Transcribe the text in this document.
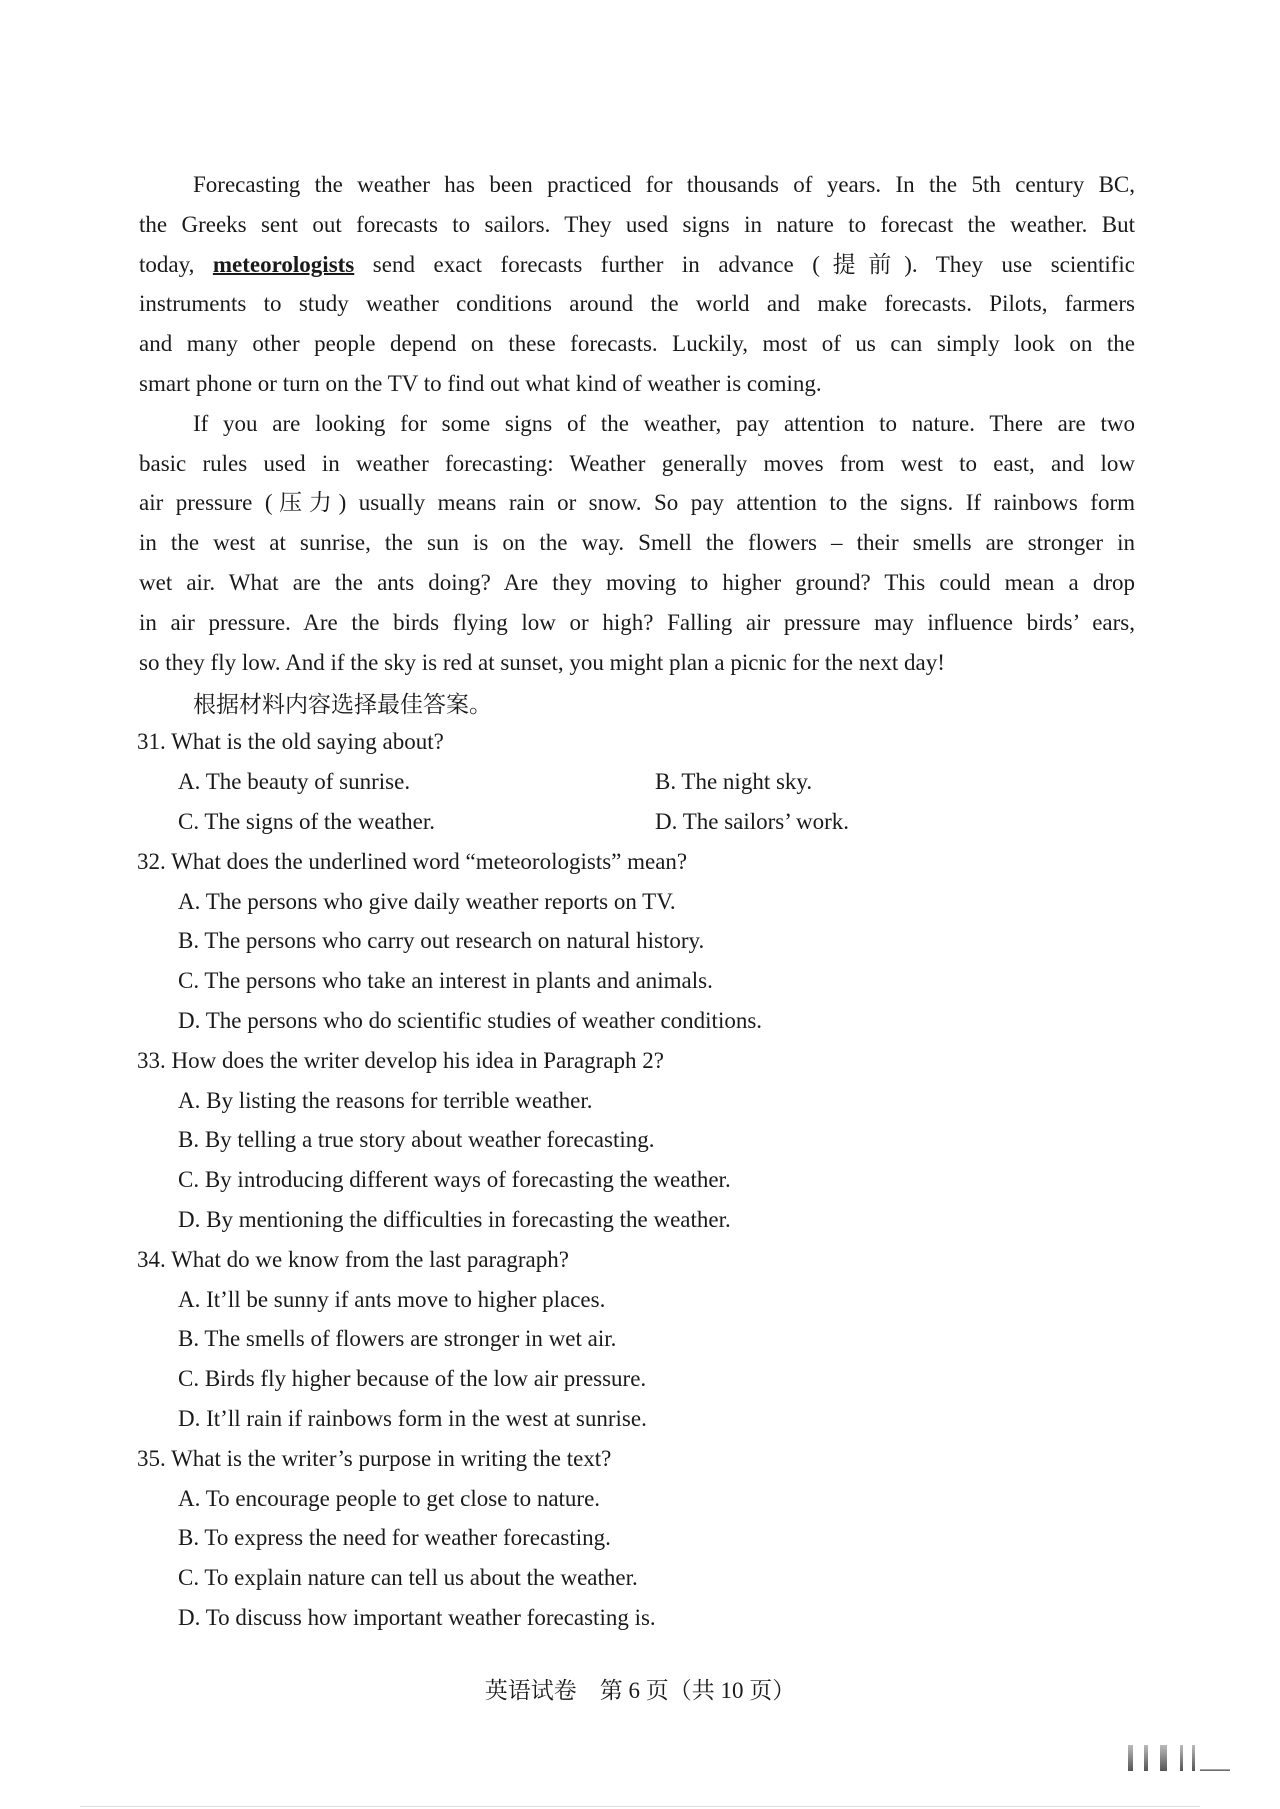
Forecasting the weather has been practiced for thousands of years. In the 5th century BC,
the Greeks sent out forecasts to sailors. They used signs in nature to forecast the weather. But
today, meteorologists send exact forecasts further in advance (提前). They use scientific
instruments to study weather conditions around the world and make forecasts. Pilots, farmers
and many other people depend on these forecasts. Luckily, most of us can simply look on the
smart phone or turn on the TV to find out what kind of weather is coming.
If you are looking for some signs of the weather, pay attention to nature. There are two
basic rules used in weather forecasting: Weather generally moves from west to east, and low
air pressure (压力) usually means rain or snow. So pay attention to the signs. If rainbows form
in the west at sunrise, the sun is on the way. Smell the flowers – their smells are stronger in
wet air. What are the ants doing? Are they moving to higher ground? This could mean a drop
in air pressure. Are the birds flying low or high? Falling air pressure may influence birds’ ears,
so they fly low. And if the sky is red at sunset, you might plan a picnic for the next day!
根据材料内容选择最佳答案。
31. What is the old saying about?
A. The beauty of sunrise.	B. The night sky.
C. The signs of the weather.	D. The sailors’ work.
32. What does the underlined word “meteorologists” mean?
A. The persons who give daily weather reports on TV.
B. The persons who carry out research on natural history.
C. The persons who take an interest in plants and animals.
D. The persons who do scientific studies of weather conditions.
33. How does the writer develop his idea in Paragraph 2?
A. By listing the reasons for terrible weather.
B. By telling a true story about weather forecasting.
C. By introducing different ways of forecasting the weather.
D. By mentioning the difficulties in forecasting the weather.
34. What do we know from the last paragraph?
A. It’ll be sunny if ants move to higher places.
B. The smells of flowers are stronger in wet air.
C. Birds fly higher because of the low air pressure.
D. It’ll rain if rainbows form in the west at sunrise.
35. What is the writer’s purpose in writing the text?
A. To encourage people to get close to nature.
B. To express the need for weather forecasting.
C. To explain nature can tell us about the weather.
D. To discuss how important weather forecasting is.
英语试卷　第 6 页（共 10 页）
